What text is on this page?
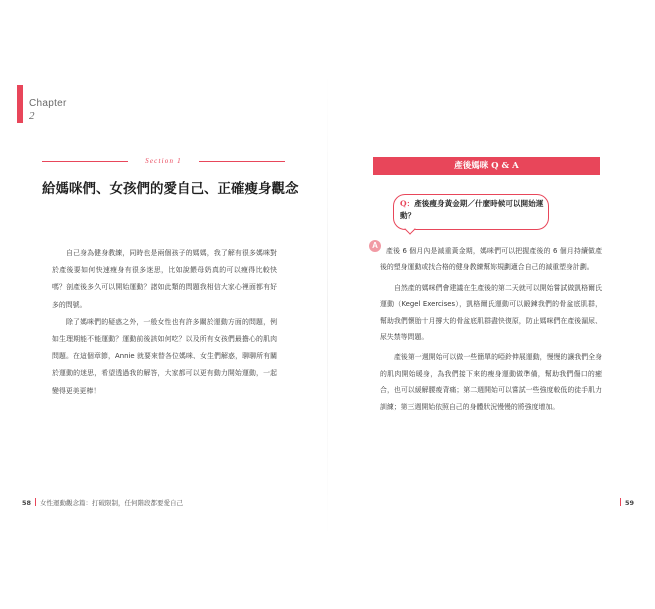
Chapter
2
Section 1
給媽咪們、女孩們的愛自己、正確瘦身觀念

自己身為健身教練，同時也是兩個孩子的媽媽，我了解有很多媽咪對於產後要如何快速瘦身有很多迷思，比如說餵母奶真的可以瘦得比較快嗎？剖產後多久可以開始運動？諸如此類的問題我相信大家心裡面都有好多的問號。

除了媽咪們的疑惑之外，一般女性也有許多關於運動方面的問題，例如生理期能不能運動？運動前後該如何吃？以及所有女孩們最擔心的肌肉問題。在這個章節，Annie 就要來替各位媽咪、女生們解惑，聊聊所有關於運動的迷思，希望透過我的解答，大家都可以更有動力開始運動，一起變得更美更棒！

58 女性運動觀念篇：打破限制，任何階段都要愛自己
產後媽咪 Q & A
Q：產後瘦身黃金期／什麼時候可以開始運動？
A

產後 6 個月內是減重黃金期，媽咪們可以把握產後的 6 個月持續做產後的塑身運動或找合格的健身教練幫妳規劃適合自己的減重塑身計劃。

自然產的媽咪們會建議在生產後的第二天就可以開始嘗試做凱格爾氏運動（Kegel Exercises），凱格爾氏運動可以鍛鍊我們的骨盆底肌群，幫助我們懷胎十月撐大的骨盆底肌群盡快復原，防止媽咪們在產後漏尿、尿失禁等問題。

產後第一週開始可以做一些簡單的啞鈴伸展運動，慢慢的讓我們全身的肌肉開始暖身，為我們接下來的瘦身運動做準備，幫助我們傷口的癒合，也可以緩解腰痠背痛；第二週開始可以嘗試一些強度較低的徒手肌力訓練；第三週開始依照自己的身體狀況慢慢的將強度增加。

59
